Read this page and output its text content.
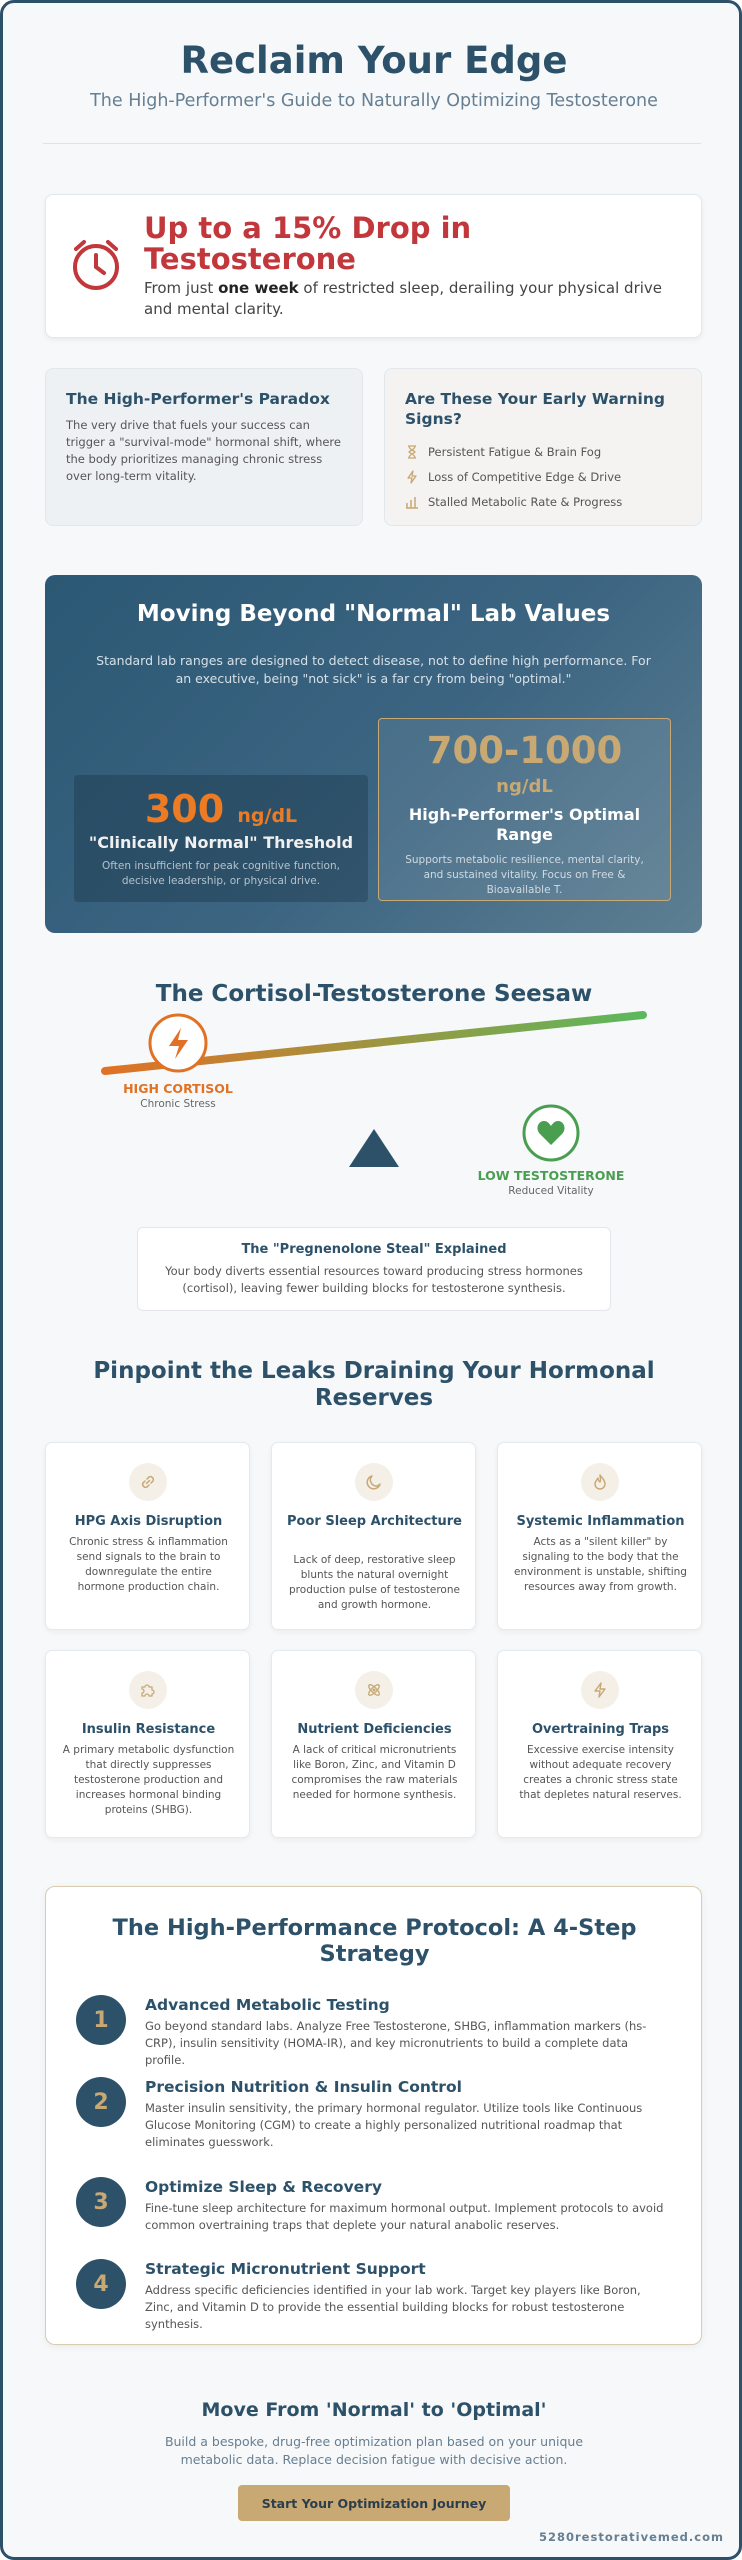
Reclaim Your Edge
The High-Performer's Guide to Naturally Optimizing Testosterone
Up to a 15% Drop in Testosterone
From just one week of restricted sleep, derailing your physical drive and mental clarity.
The High-Performer's Paradox

The very drive that fuels your success can trigger a "survival-mode" hormonal shift, where the body prioritizes managing chronic stress over long-term vitality.

Are These Your Early Warning Signs?
Persistent Fatigue & Brain Fog
Loss of Competitive Edge & Drive
Stalled Metabolic Rate & Progress
Moving Beyond "Normal" Lab Values
Standard lab ranges are designed to detect disease, not to define high performance. For an executive, being "not sick" is a far cry from being "optimal."
300 ng/dL
"Clinically Normal" Threshold
Often insufficient for peak cognitive function, decisive leadership, or physical drive.
700-1000
ng/dL
High-Performer's Optimal Range
Supports metabolic resilience, mental clarity, and sustained vitality. Focus on Free & Bioavailable T.
The Cortisol-Testosterone Seesaw
HIGH CORTISOL
Chronic Stress
LOW TESTOSTERONE
Reduced Vitality
The "Pregnenolone Steal" Explained

Your body diverts essential resources toward producing stress hormones (cortisol), leaving fewer building blocks for testosterone synthesis.

Pinpoint the Leaks Draining Your Hormonal Reserves
HPG Axis Disruption

Chronic stress & inflammation send signals to the brain to downregulate the entire hormone production chain.

Poor Sleep Architecture

Lack of deep, restorative sleep blunts the natural overnight production pulse of testosterone and growth hormone.

Systemic Inflammation

Acts as a "silent killer" by signaling to the body that the environment is unstable, shifting resources away from growth.

Insulin Resistance

A primary metabolic dysfunction that directly suppresses testosterone production and increases hormonal binding proteins (SHBG).

Nutrient Deficiencies

A lack of critical micronutrients like Boron, Zinc, and Vitamin D compromises the raw materials needed for hormone synthesis.

Overtraining Traps

Excessive exercise intensity without adequate recovery creates a chronic stress state that depletes natural reserves.

The High-Performance Protocol: A 4-Step Strategy
1
Advanced Metabolic Testing
Go beyond standard labs. Analyze Free Testosterone, SHBG, inflammation markers (hs-CRP), insulin sensitivity (HOMA-IR), and key micronutrients to build a complete data profile.
2
Precision Nutrition & Insulin Control
Master insulin sensitivity, the primary hormonal regulator. Utilize tools like Continuous Glucose Monitoring (CGM) to create a highly personalized nutritional roadmap that eliminates guesswork.
3
Optimize Sleep & Recovery
Fine-tune sleep architecture for maximum hormonal output. Implement protocols to avoid common overtraining traps that deplete your natural anabolic reserves.
4
Strategic Micronutrient Support
Address specific deficiencies identified in your lab work. Target key players like Boron, Zinc, and Vitamin D to provide the essential building blocks for robust testosterone synthesis.
Move From 'Normal' to 'Optimal'
Build a bespoke, drug-free optimization plan based on your unique metabolic data. Replace decision fatigue with decisive action.
Start Your Optimization Journey
5280restorativemed.com
